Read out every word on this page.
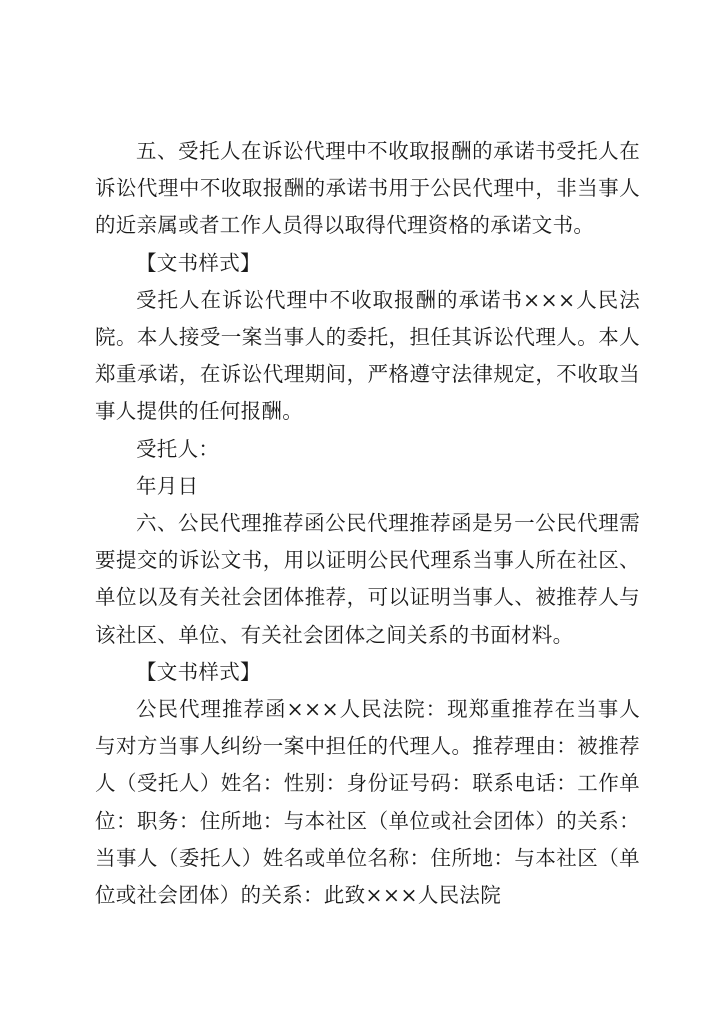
五、受托人在诉讼代理中不收取报酬的承诺书受托人在诉讼代理中不收取报酬的承诺书用于公民代理中，非当事人的近亲属或者工作人员得以取得代理资格的承诺文书。

【文书样式】

受托人在诉讼代理中不收取报酬的承诺书×××人民法院。本人接受一案当事人的委托，担任其诉讼代理人。本人郑重承诺，在诉讼代理期间，严格遵守法律规定，不收取当事人提供的任何报酬。

受托人：

年月日

六、公民代理推荐函公民代理推荐函是另一公民代理需要提交的诉讼文书，用以证明公民代理系当事人所在社区、单位以及有关社会团体推荐，可以证明当事人、被推荐人与该社区、单位、有关社会团体之间关系的书面材料。

【文书样式】

公民代理推荐函×××人民法院：现郑重推荐在当事人与对方当事人纠纷一案中担任的代理人。推荐理由：被推荐人（受托人）姓名：性别：身份证号码：联系电话：工作单位：职务：住所地：与本社区（单位或社会团体）的关系：当事人（委托人）姓名或单位名称：住所地：与本社区（单位或社会团体）的关系：此致×××人民法院
